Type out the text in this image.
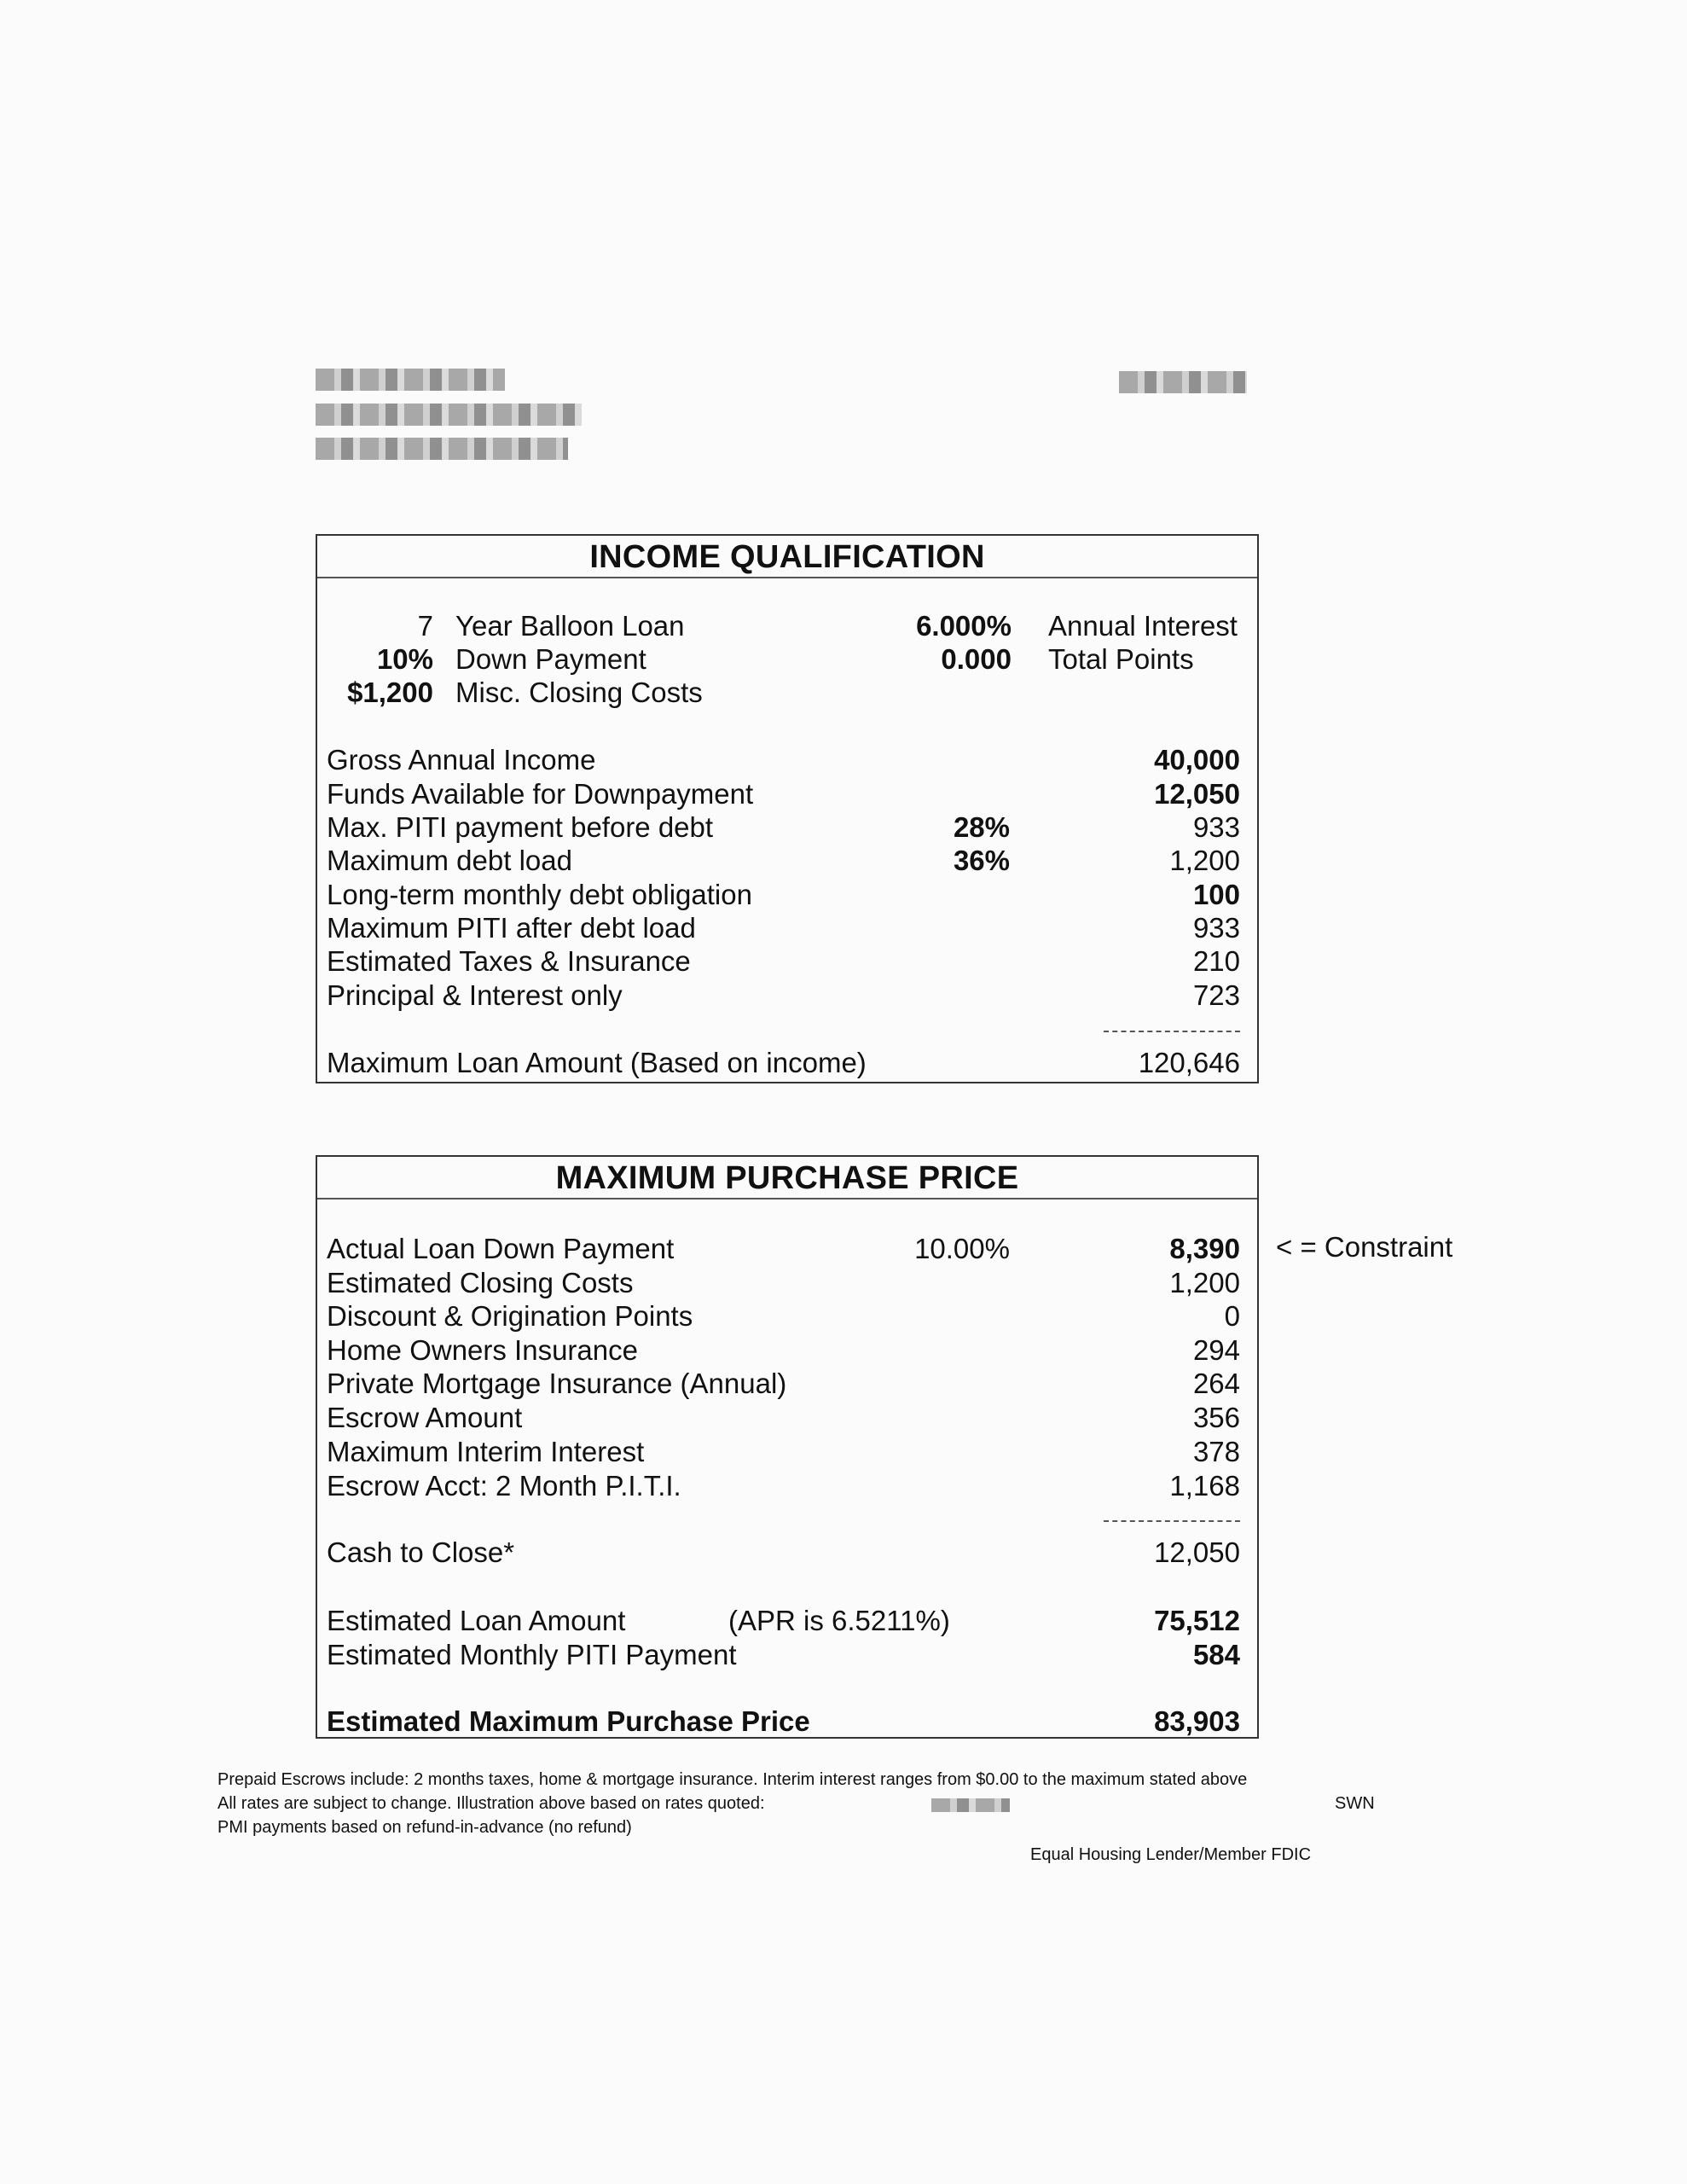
INCOME QUALIFICATION
7 Year Balloon Loan	6.000% Annual Interest
10% Down Payment	0.000 Total Points
$1,200 Misc. Closing Costs
Gross Annual Income	40,000
Funds Available for Downpayment	12,050
Max. PITI payment before debt	28%	933
Maximum debt load	36%	1,200
Long-term monthly debt obligation	100
Maximum PITI after debt load	933
Estimated Taxes & Insurance	210
Principal & Interest only	723
Maximum Loan Amount (Based on income)	120,646
MAXIMUM PURCHASE PRICE
Actual Loan Down Payment	10.00%	8,390
Estimated Closing Costs	1,200
Discount & Origination Points	0
Home Owners Insurance	294
Private Mortgage Insurance (Annual)	264
Escrow Amount	356
Maximum Interim Interest	378
Escrow Acct: 2 Month P.I.T.I.	1,168
Cash to Close*	12,050
Estimated Loan Amount	(APR is 6.5211%)	75,512
Estimated Monthly PITI Payment	584
Estimated Maximum Purchase Price	83,903
< = Constraint
Prepaid Escrows include: 2 months taxes, home & mortgage insurance. Interim interest ranges from $0.00 to the maximum stated above
All rates are subject to change. Illustration above based on rates quoted:	SWN
PMI payments based on refund-in-advance (no refund)
Equal Housing Lender/Member FDIC
